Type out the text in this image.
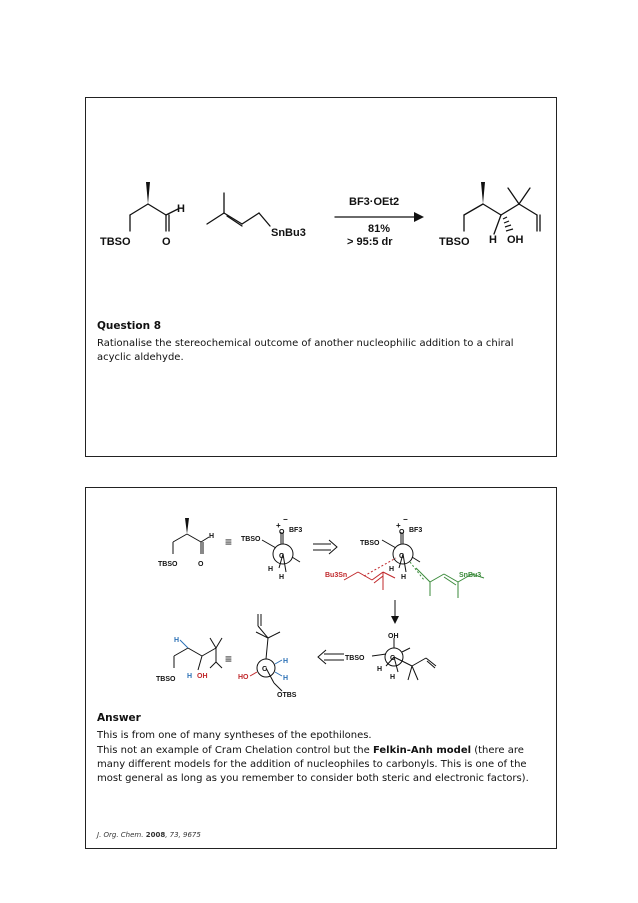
TBSO	O
H
SnBu3
BF3·OEt2
81%
> 95:5 dr	TBSO H OH
Question 8
Rationalise the stereochemical outcome of another nucleophilic addition to a chiral acyclic aldehyde.
TBSO	O
H ≡
C
O
TBSO
BF3
H
H
+
−
C
O
TBSO
BF3
H
H
+
−
Bu3Sn	SnBu3
C
OH
TBSO
H
H
C
H
H
HO
OTBS
≡
TBSO
H
H OH
Answer
This is from one of many syntheses of the epothilones.
This not an example of Cram Chelation control but the Felkin-Anh model (there are many different models for the addition of nucleophiles to carbonyls. This is one of the most general as long as you remember to consider both steric and electronic factors).
J. Org. Chem. 2008, 73, 9675
